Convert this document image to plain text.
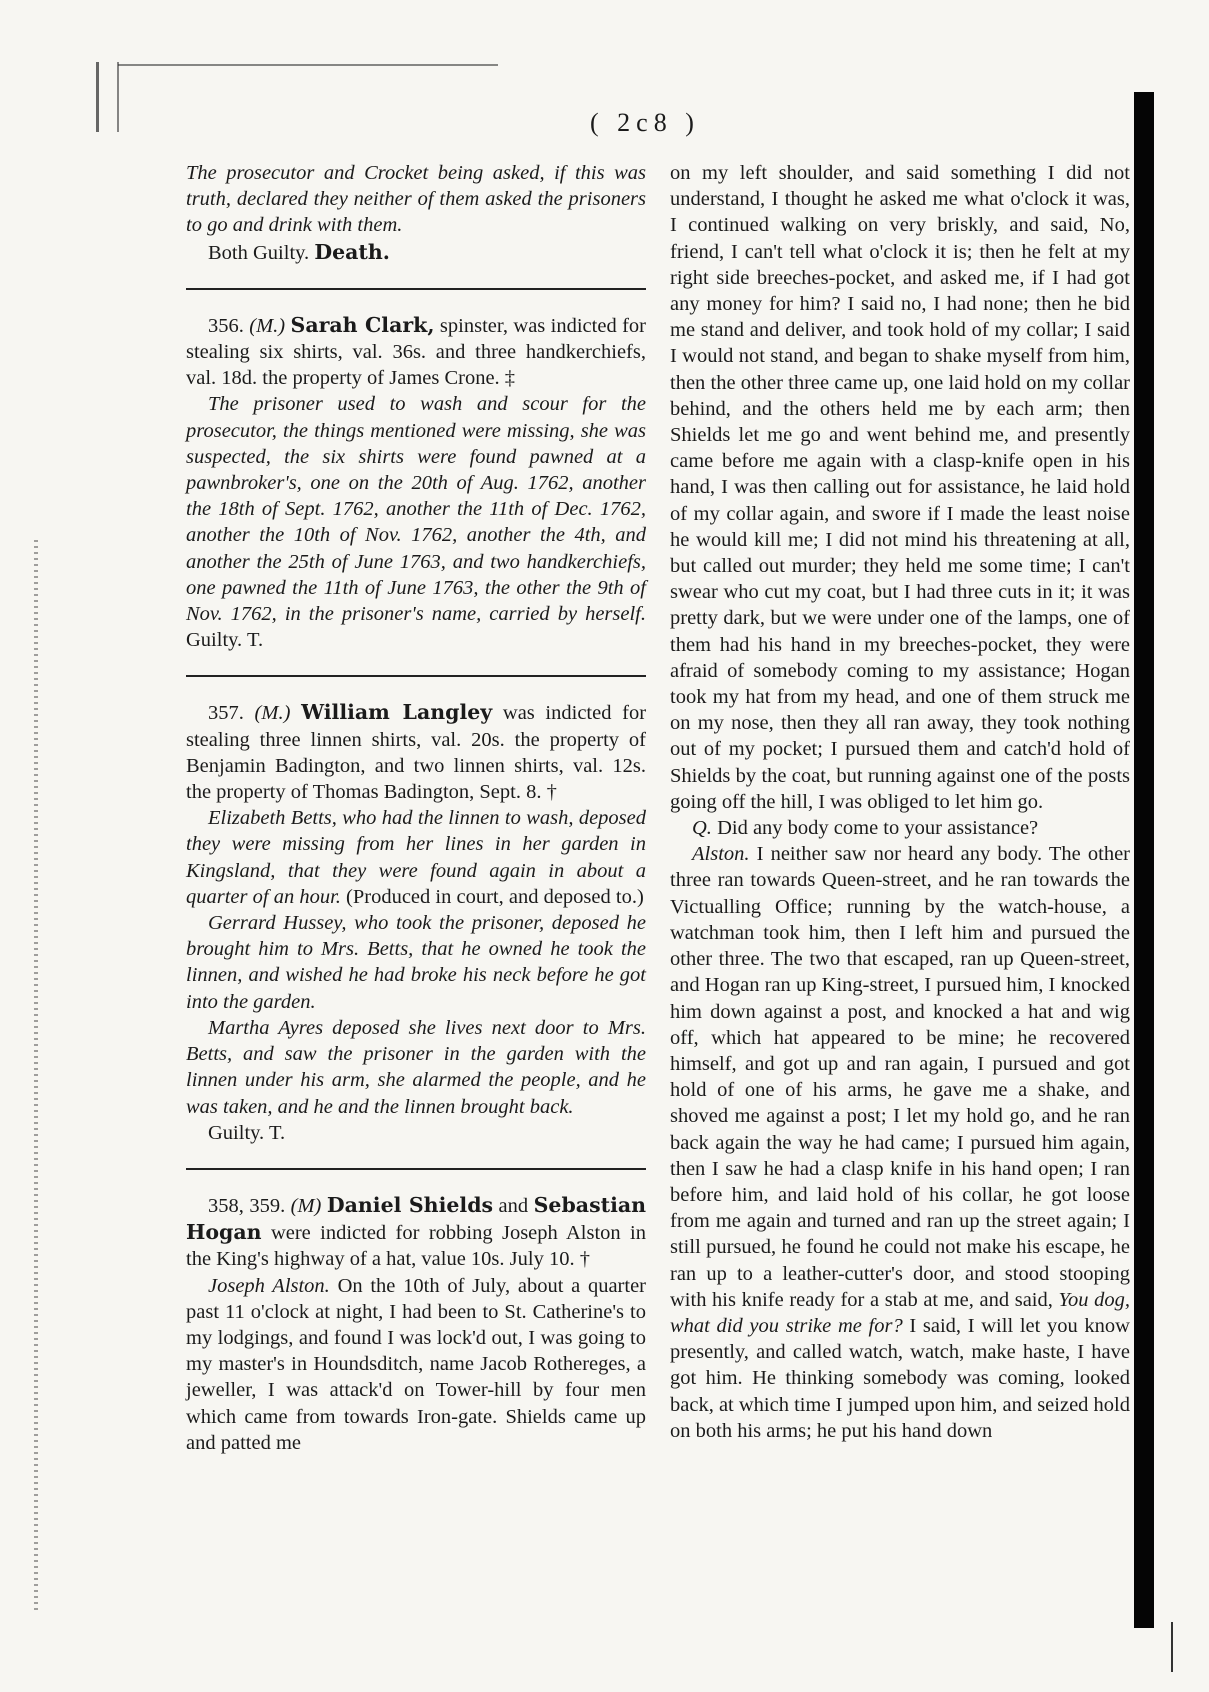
( 2c8 )

The prosecutor and Crocket being asked, if this was truth, declared they neither of them asked the prisoners to go and drink with them.

Both Guilty. Death.

356. (M.) Sarah Clark, spinster, was indicted for stealing six shirts, val. 36s. and three handkerchiefs, val. 18d. the property of James Crone. ‡

The prisoner used to wash and scour for the prosecutor, the things mentioned were missing, she was suspected, the six shirts were found pawned at a pawnbroker's, one on the 20th of Aug. 1762, another the 18th of Sept. 1762, another the 11th of Dec. 1762, another the 10th of Nov. 1762, another the 4th, and another the 25th of June 1763, and two handkerchiefs, one pawned the 11th of June 1763, the other the 9th of Nov. 1762, in the prisoner's name, carried by herself. Guilty. T.

357. (M.) William Langley was indicted for stealing three linnen shirts, val. 20s. the property of Benjamin Badington, and two linnen shirts, val. 12s. the property of Thomas Badington, Sept. 8. †

Elizabeth Betts, who had the linnen to wash, deposed they were missing from her lines in her garden in Kingsland, that they were found again in about a quarter of an hour. (Produced in court, and deposed to.)

Gerrard Hussey, who took the prisoner, deposed he brought him to Mrs. Betts, that he owned he took the linnen, and wished he had broke his neck before he got into the garden.

Martha Ayres deposed she lives next door to Mrs. Betts, and saw the prisoner in the garden with the linnen under his arm, she alarmed the people, and he was taken, and he and the linnen brought back.

Guilty. T.

358, 359. (M) Daniel Shields and Sebastian Hogan were indicted for robbing Joseph Alston in the King's highway of a hat, value 10s. July 10. †

Joseph Alston. On the 10th of July, about a quarter past 11 o'clock at night, I had been to St. Catherine's to my lodgings, and found I was lock'd out, I was going to my master's in Houndsditch, name Jacob Rothereges, a jeweller, I was attack'd on Tower-hill by four men which came from towards Iron-gate. Shields came up and patted me

on my left shoulder, and said something I did not understand, I thought he asked me what o'clock it was, I continued walking on very briskly, and said, No, friend, I can't tell what o'clock it is; then he felt at my right side breeches-pocket, and asked me, if I had got any money for him? I said no, I had none; then he bid me stand and deliver, and took hold of my collar; I said I would not stand, and began to shake myself from him, then the other three came up, one laid hold on my collar behind, and the others held me by each arm; then Shields let me go and went behind me, and presently came before me again with a clasp-knife open in his hand, I was then calling out for assistance, he laid hold of my collar again, and swore if I made the least noise he would kill me; I did not mind his threatening at all, but called out murder; they held me some time; I can't swear who cut my coat, but I had three cuts in it; it was pretty dark, but we were under one of the lamps, one of them had his hand in my breeches-pocket, they were afraid of somebody coming to my assistance; Hogan took my hat from my head, and one of them struck me on my nose, then they all ran away, they took nothing out of my pocket; I pursued them and catch'd hold of Shields by the coat, but running against one of the posts going off the hill, I was obliged to let him go.

Q. Did any body come to your assistance?

Alston. I neither saw nor heard any body. The other three ran towards Queen-street, and he ran towards the Victualling Office; running by the watch-house, a watchman took him, then I left him and pursued the other three. The two that escaped, ran up Queen-street, and Hogan ran up King-street, I pursued him, I knocked him down against a post, and knocked a hat and wig off, which hat appeared to be mine; he recovered himself, and got up and ran again, I pursued and got hold of one of his arms, he gave me a shake, and shoved me against a post; I let my hold go, and he ran back again the way he had came; I pursued him again, then I saw he had a clasp knife in his hand open; I ran before him, and laid hold of his collar, he got loose from me again and turned and ran up the street again; I still pursued, he found he could not make his escape, he ran up to a leather-cutter's door, and stood stooping with his knife ready for a stab at me, and said, You dog, what did you strike me for? I said, I will let you know presently, and called watch, watch, make haste, I have got him. He thinking somebody was coming, looked back, at which time I jumped upon him, and seized hold on both his arms; he put his hand down
